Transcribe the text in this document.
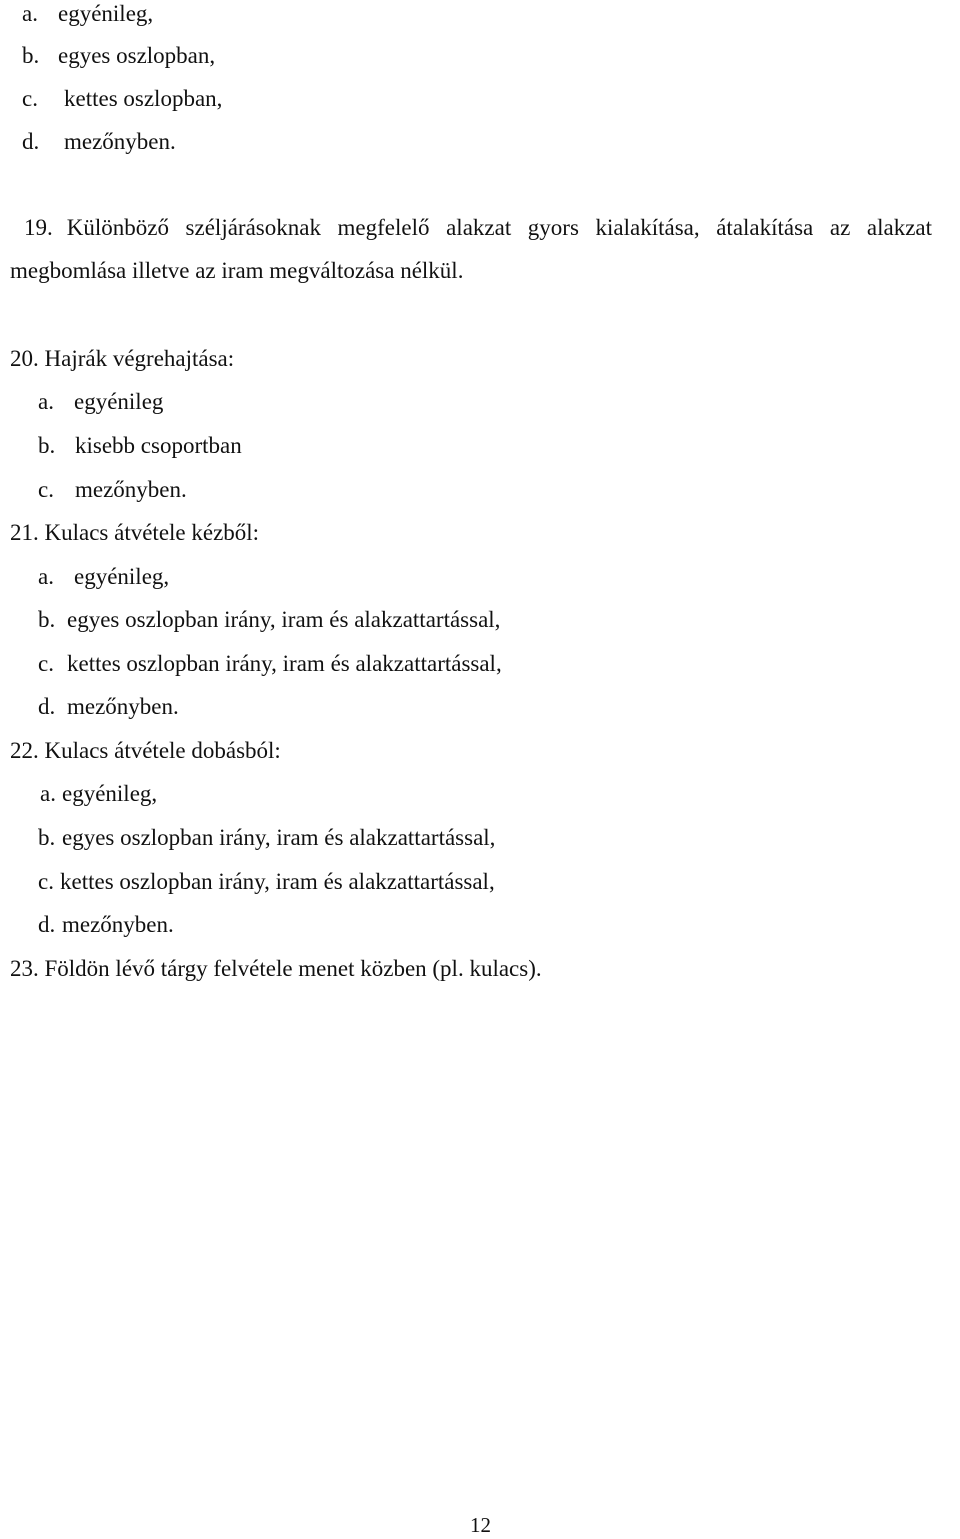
a. egyénileg,
b. egyes oszlopban,
c. kettes oszlopban,
d. mezőnyben.
19. Különböző széljárásoknak megfelelő alakzat gyors kialakítása, átalakítása az alakzat megbomlása illetve az iram megváltozása nélkül.
20. Hajrák végrehajtása:
a. egyénileg
b. kisebb csoportban
c. mezőnyben.
21. Kulacs átvétele kézből:
a. egyénileg,
b. egyes oszlopban irány, iram és alakzattartással,
c. kettes oszlopban irány, iram és alakzattartással,
d. mezőnyben.
22. Kulacs átvétele dobásból:
a. egyénileg,
b. egyes oszlopban irány, iram és alakzattartással,
c. kettes oszlopban irány, iram és alakzattartással,
d. mezőnyben.
23. Földön lévő tárgy felvétele menet közben (pl. kulacs).
12
